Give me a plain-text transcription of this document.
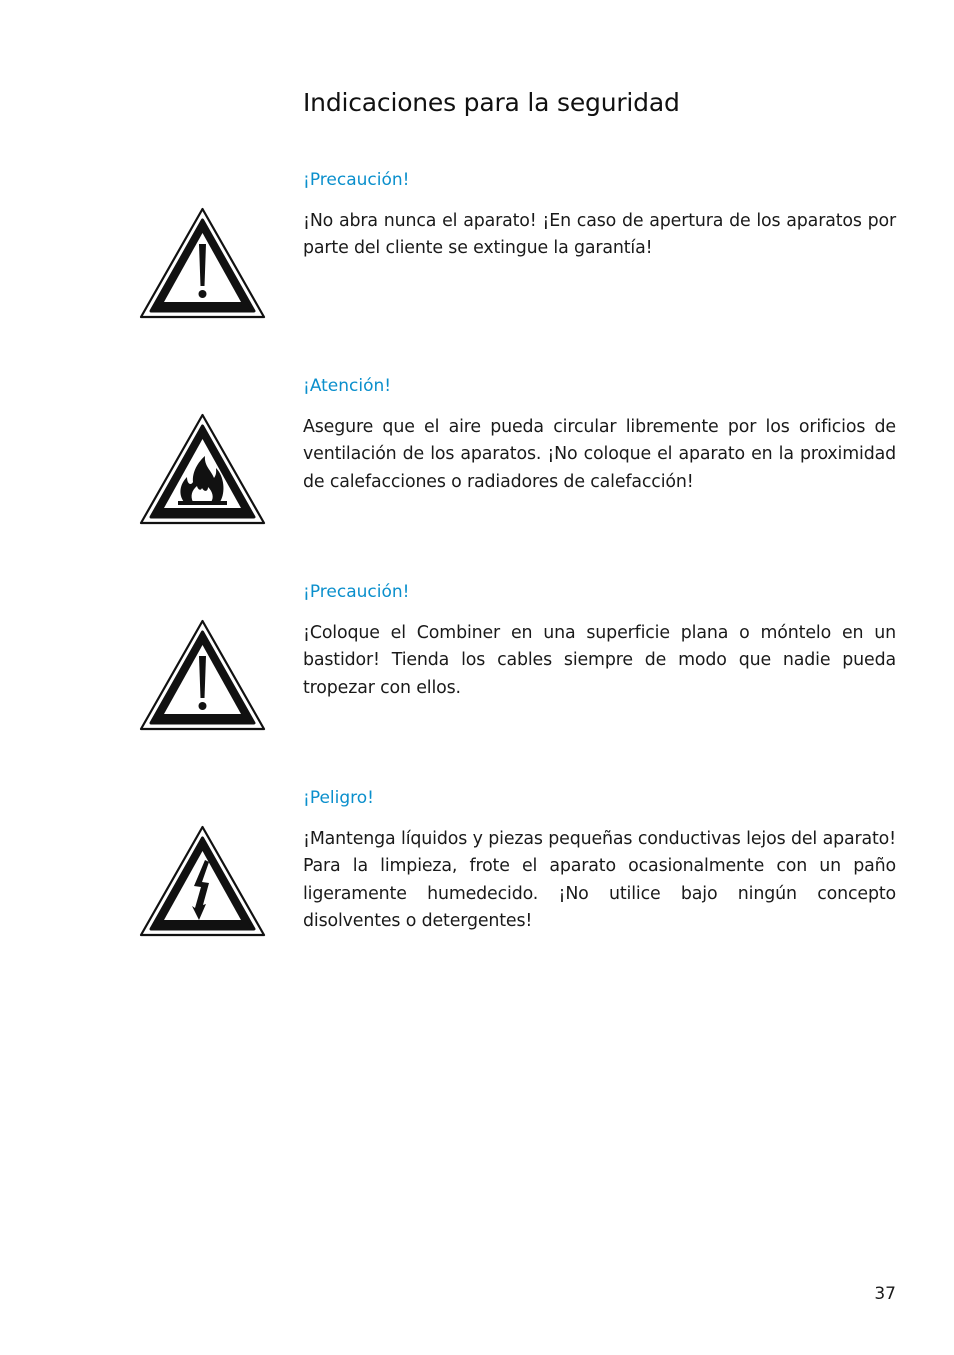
Indicaciones para la seguridad
¡Precaución!

¡No abra nunca el aparato! ¡En caso de apertura de los aparatos por parte del cliente se extingue la garantía!

¡Atención!

Asegure que el aire pueda circular libremente por los orificios de ventilación de los aparatos. ¡No coloque el aparato en la proximidad de calefacciones o radiadores de calefacción!

¡Precaución!

¡Coloque el Combiner en una superficie plana o móntelo en un bastidor! Tienda los cables siempre de modo que nadie pueda tropezar con ellos.

¡Peligro!

¡Mantenga líquidos y piezas pequeñas conductivas lejos del aparato! Para la limpieza, frote el aparato ocasionalmente con un paño ligeramente humedecido. ¡No utilice bajo ningún concepto disolventes o detergentes!

37
